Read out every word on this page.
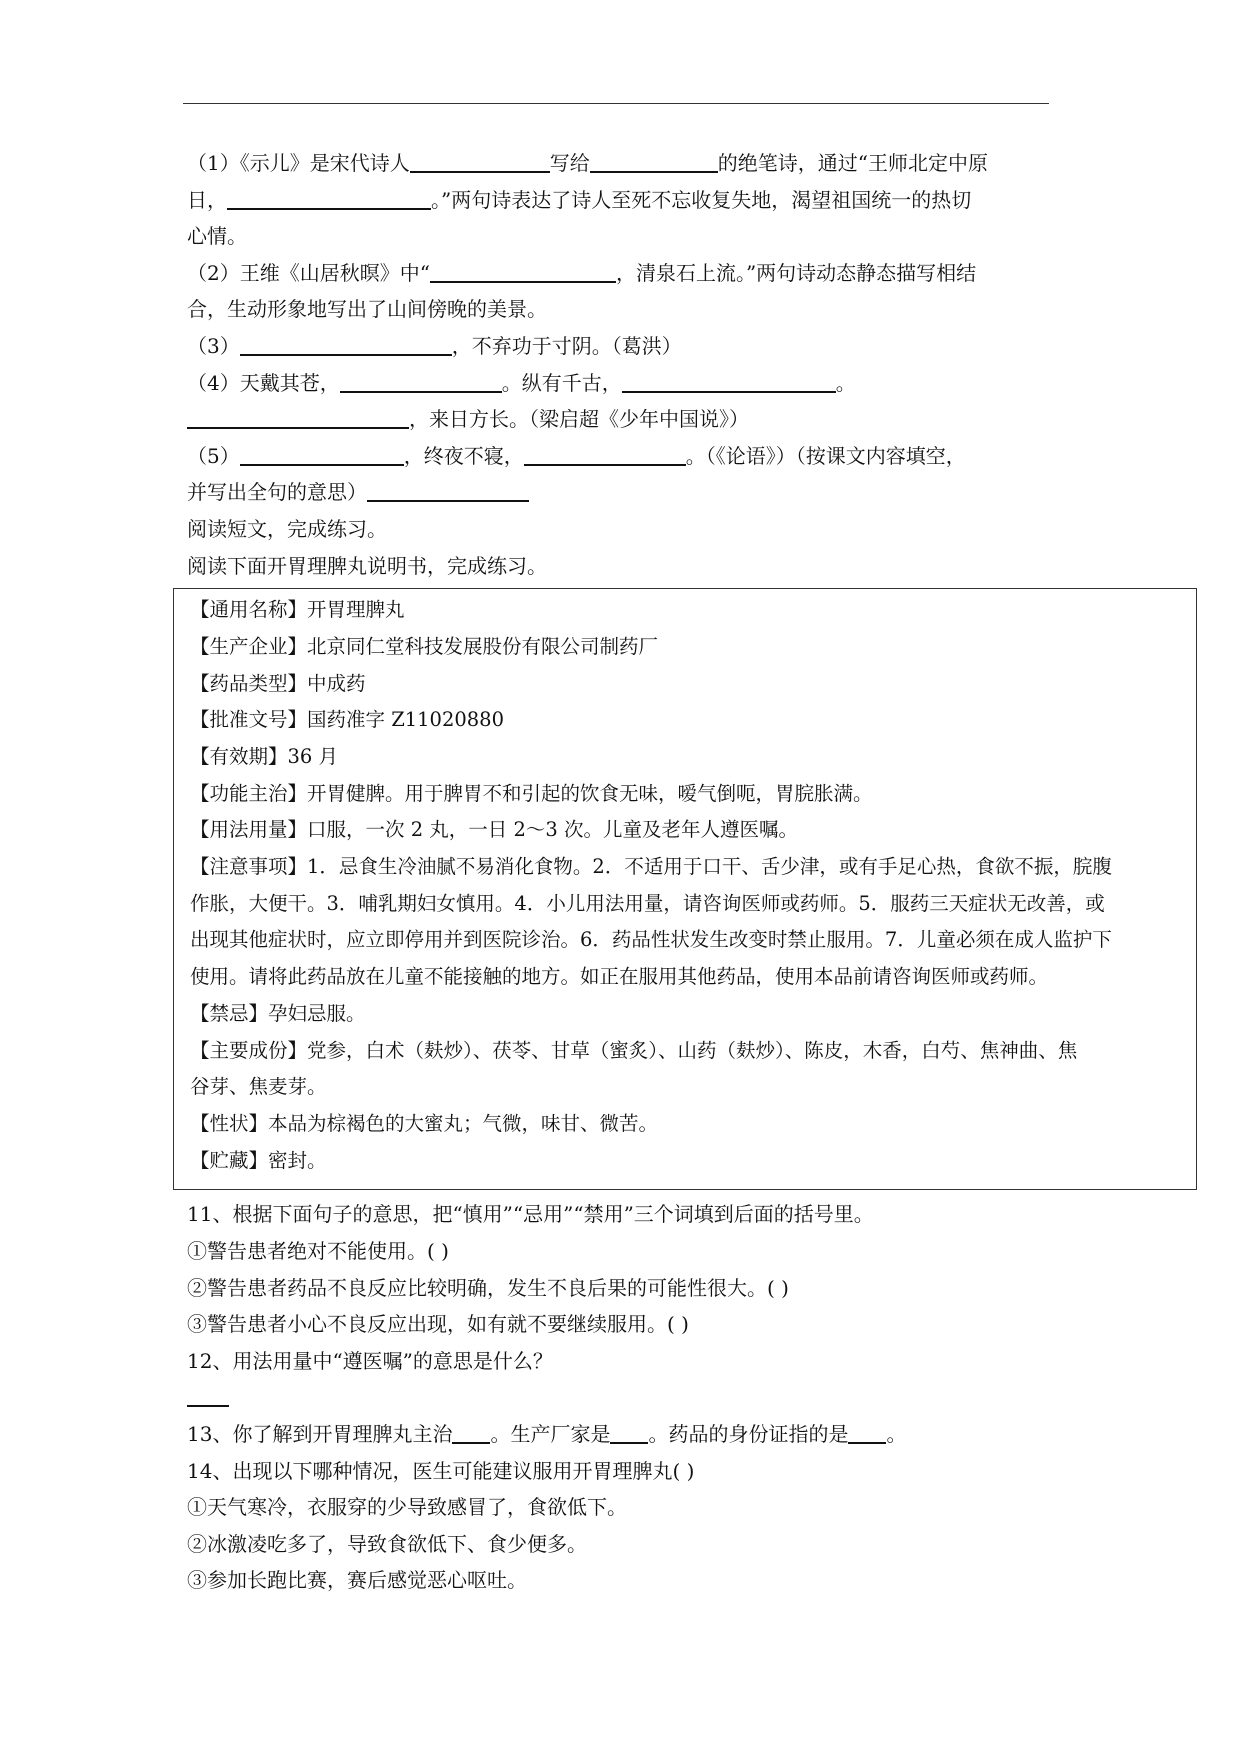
（1）《示儿》是宋代诗人	写给	的绝笔诗，通过“王师北定中原
日，	。”两句诗表达了诗人至死不忘收复失地，渴望祖国统一的热切
心情。
（2）王维《山居秋暝》中“	，清泉石上流。”两句诗动态静态描写相结
合，生动形象地写出了山间傍晚的美景。
（3）	，不弃功于寸阴。（葛洪）
（4）天戴其苍，	。纵有千古，	。
，来日方长。（梁启超《少年中国说》）
（5）	，终夜不寝，	。（《论语》）（按课文内容填空，
并写出全句的意思）
阅读短文，完成练习。
阅读下面开胃理脾丸说明书，完成练习。
【通用名称】开胃理脾丸
【生产企业】北京同仁堂科技发展股份有限公司制药厂
【药品类型】中成药
【批准文号】国药准字 Z11020880
【有效期】36 月
【功能主治】开胃健脾。用于脾胃不和引起的饮食无味，嗳气倒呃，胃脘胀满。
【用法用量】口服，一次 2 丸，一日 2～3 次。儿童及老年人遵医嘱。
【注意事项】1．忌食生冷油腻不易消化食物。2．不适用于口干、舌少津，或有手足心热，食欲不振，脘腹
作胀，大便干。3．哺乳期妇女慎用。4．小儿用法用量，请咨询医师或药师。5．服药三天症状无改善，或
出现其他症状时，应立即停用并到医院诊治。6．药品性状发生改变时禁止服用。7．儿童必须在成人监护下
使用。请将此药品放在儿童不能接触的地方。如正在服用其他药品，使用本品前请咨询医师或药师。
【禁忌】孕妇忌服。
【主要成份】党参，白术（麸炒）、茯苓、甘草（蜜炙）、山药（麸炒）、陈皮，木香，白芍、焦神曲、焦
谷芽、焦麦芽。
【性状】本品为棕褐色的大蜜丸；气微，味甘、微苦。
【贮藏】密封。
11、根据下面句子的意思，把“慎用”“忌用”“禁用”三个词填到后面的括号里。
①警告患者绝对不能使用。( )
②警告患者药品不良反应比较明确，发生不良后果的可能性很大。( )
③警告患者小心不良反应出现，如有就不要继续服用。( )
12、用法用量中“遵医嘱”的意思是什么？
13、你了解到开胃理脾丸主治 。生产厂家是 。药品的身份证指的是 。
14、出现以下哪种情况，医生可能建议服用开胃理脾丸( )
①天气寒冷，衣服穿的少导致感冒了，食欲低下。
②冰激凌吃多了，导致食欲低下、食少便多。
③参加长跑比赛，赛后感觉恶心呕吐。
